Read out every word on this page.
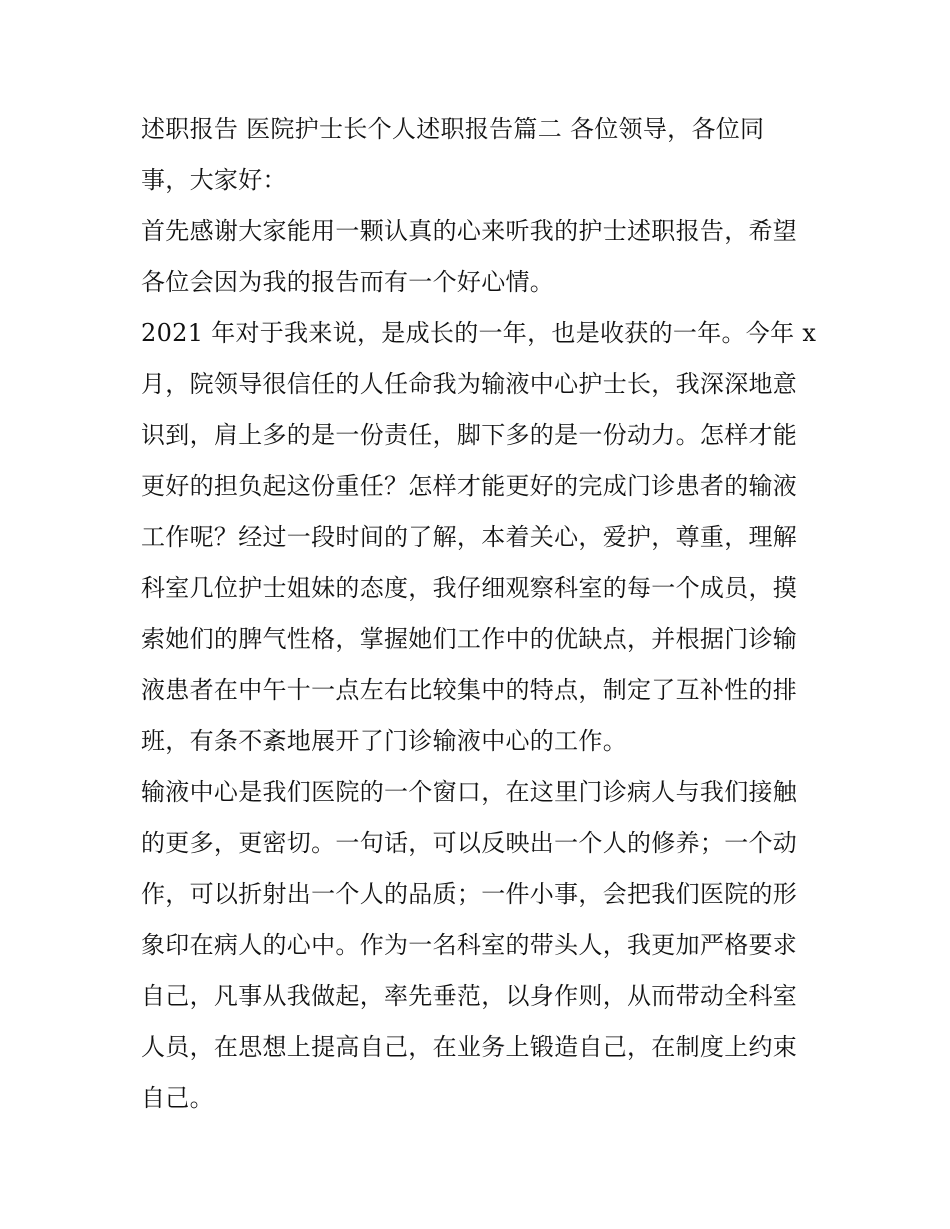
述职报告 医院护士长个人述职报告篇二 各位领导，各位同
事，大家好：

首先感谢大家能用一颗认真的心来听我的护士述职报告，希望
各位会因为我的报告而有一个好心情。

2021 年对于我来说，是成长的一年，也是收获的一年。今年 x
月，院领导很信任的人任命我为输液中心护士长，我深深地意
识到，肩上多的是一份责任，脚下多的是一份动力。怎样才能
更好的担负起这份重任？怎样才能更好的完成门诊患者的输液
工作呢？经过一段时间的了解，本着关心，爱护，尊重，理解
科室几位护士姐妹的态度，我仔细观察科室的每一个成员，摸
索她们的脾气性格，掌握她们工作中的优缺点，并根据门诊输
液患者在中午十一点左右比较集中的特点，制定了互补性的排
班，有条不紊地展开了门诊输液中心的工作。

输液中心是我们医院的一个窗口，在这里门诊病人与我们接触
的更多，更密切。一句话，可以反映出一个人的修养；一个动
作，可以折射出一个人的品质；一件小事，会把我们医院的形
象印在病人的心中。作为一名科室的带头人，我更加严格要求
自己，凡事从我做起，率先垂范，以身作则，从而带动全科室
人员，在思想上提高自己，在业务上锻造自己，在制度上约束
自己。
